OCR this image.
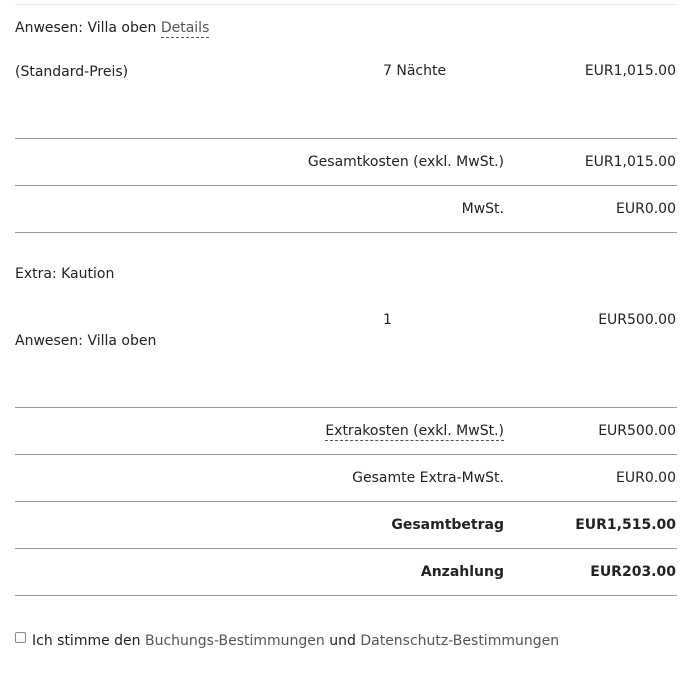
Anwesen: Villa oben Details
(Standard-Preis)	7 Nächte	EUR1,015.00
Gesamtkosten (exkl. MwSt.)	EUR1,015.00
MwSt.	EUR0.00
Extra: Kaution
1	EUR500.00
Anwesen: Villa oben
Extrakosten (exkl. MwSt.)	EUR500.00
Gesamte Extra-MwSt.	EUR0.00
Gesamtbetrag	EUR1,515.00
Anzahlung	EUR203.00
Ich stimme den Buchungs-Bestimmungen und Datenschutz-Bestimmungen
